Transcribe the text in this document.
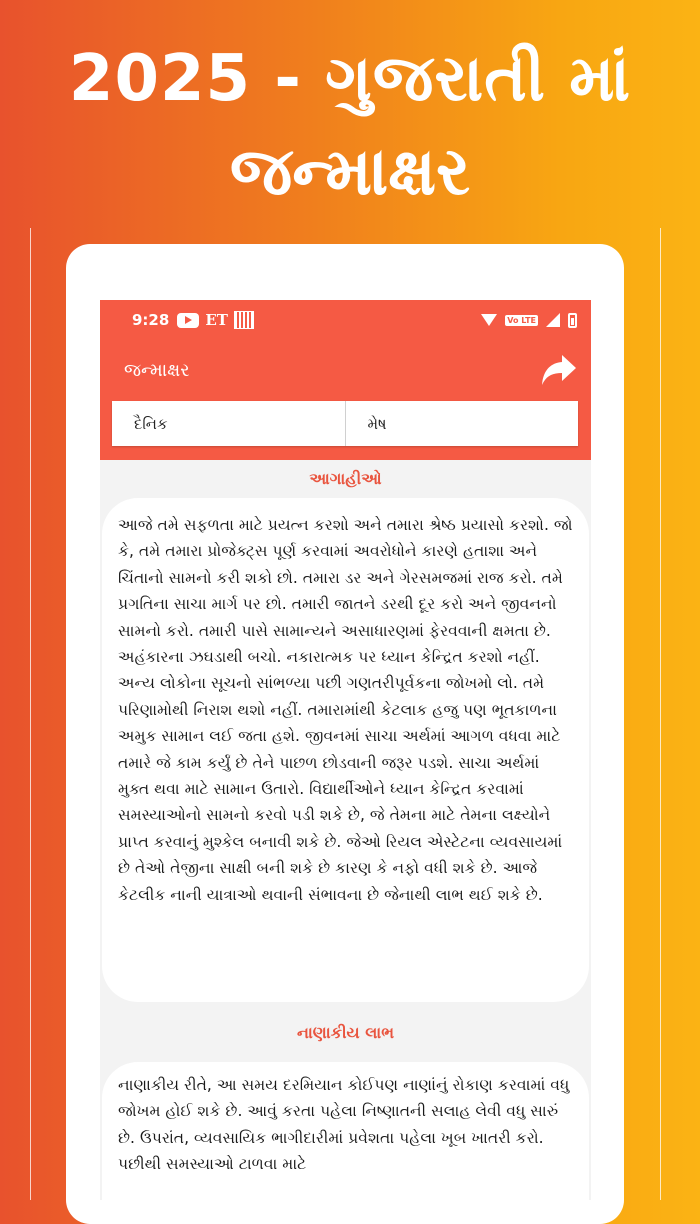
2025 - ગુજરાતી માં
જન્માક્ષર
9:28 ET	Vo LTE
જન્માક્ષર
દૈનિક	મેષ
આગાહીઓ
આજે તમે સફળતા માટે પ્રયત્ન કરશો અને તમારા શ્રેષ્ઠ પ્રયાસો કરશો. જો કે, તમે તમારા પ્રોજેક્ટ્સ પૂર્ણ કરવામાં અવરોધોને કારણે હતાશા અને ચિંતાનો સામનો કરી શકો છો. તમારા ડર અને ગેરસમજમાં રાજ કરો. તમે પ્રગતિના સાચા માર્ગ પર છો. તમારી જાતને ડરથી દૂર કરો અને જીવનનો સામનો કરો. તમારી પાસે સામાન્યને અસાધારણમાં ફેરવવાની ક્ષમતા છે. અહંકારના ઝઘડાથી બચો. નકારાત્મક પર ધ્યાન કેન્દ્રિત કરશો નહીં. અન્ય લોકોના સૂચનો સાંભળ્યા પછી ગણતરીપૂર્વકના જોખમો લો. તમે પરિણામોથી નિરાશ થશો નહીં. તમારામાંથી કેટલાક હજુ પણ ભૂતકાળના અમુક સામાન લઈ જતા હશે. જીવનમાં સાચા અર્થમાં આગળ વધવા માટે તમારે જે કામ કર્યું છે તેને પાછળ છોડવાની જરૂર પડશે. સાચા અર્થમાં મુક્ત થવા માટે સામાન ઉતારો. વિદ્યાર્થીઓને ધ્યાન કેન્દ્રિત કરવામાં સમસ્યાઓનો સામનો કરવો પડી શકે છે, જે તેમના માટે તેમના લક્ષ્યોને પ્રાપ્ત કરવાનું મુશ્કેલ બનાવી શકે છે. જેઓ રિયલ એસ્ટેટના વ્યવસાયમાં છે તેઓ તેજીના સાક્ષી બની શકે છે કારણ કે નફો વધી શકે છે. આજે કેટલીક નાની યાત્રાઓ થવાની સંભાવના છે જેનાથી લાભ થઈ શકે છે.
નાણાકીય લાભ
નાણાકીય રીતે, આ સમય દરમિયાન કોઈપણ નાણાંનું રોકાણ કરવામાં વધુ જોખમ હોઈ શકે છે. આવું કરતા પહેલા નિષ્ણાતની સલાહ લેવી વધુ સારું છે. ઉપરાંત, વ્યવસાયિક ભાગીદારીમાં પ્રવેશતા પહેલા ખૂબ ખાતરી કરો. પછીથી સમસ્યાઓ ટાળવા માટે
